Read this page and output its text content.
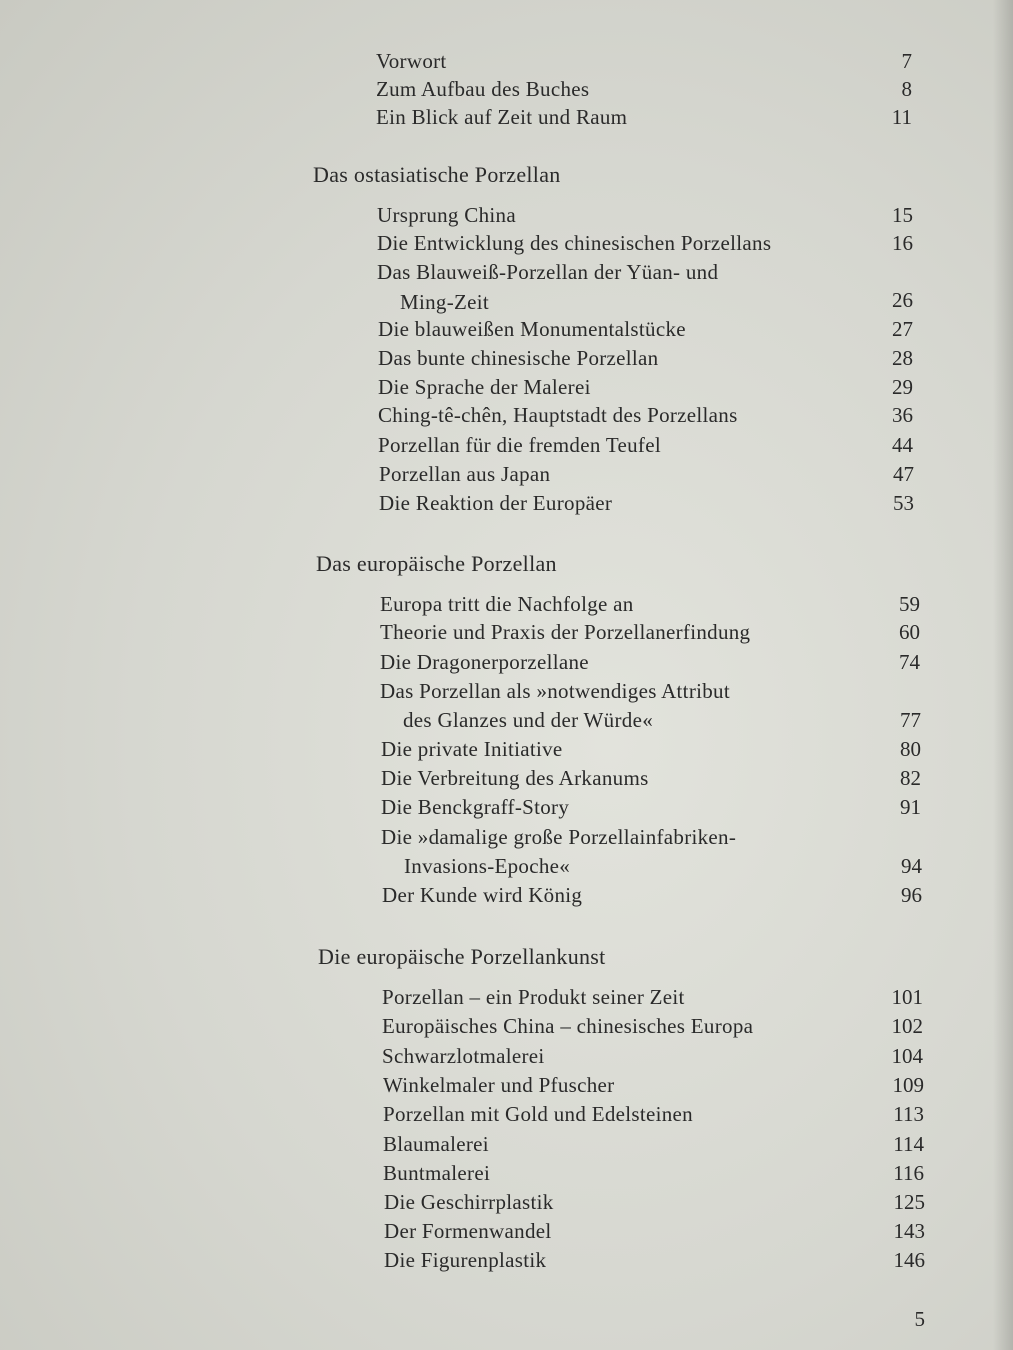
Vorwort	7
Zum Aufbau des Buches	8
Ein Blick auf Zeit und Raum	11
Das ostasiatische Porzellan
Ursprung China	15
Die Entwicklung des chinesischen Porzellans	16
Das Blauweiß-Porzellan der Yüan- und
Ming-Zeit	26
Die blauweißen Monumentalstücke	27
Das bunte chinesische Porzellan	28
Die Sprache der Malerei	29
Ching-tê-chên, Hauptstadt des Porzellans	36
Porzellan für die fremden Teufel	44
Porzellan aus Japan	47
Die Reaktion der Europäer	53
Das europäische Porzellan
Europa tritt die Nachfolge an	59
Theorie und Praxis der Porzellanerfindung	60
Die Dragonerporzellane	74
Das Porzellan als »notwendiges Attribut
des Glanzes und der Würde«	77
Die private Initiative	80
Die Verbreitung des Arkanums	82
Die Benckgraff-Story	91
Die »damalige große Porzellainfabriken-
Invasions-Epoche«	94
Der Kunde wird König	96
Die europäische Porzellankunst
Porzellan – ein Produkt seiner Zeit	101
Europäisches China – chinesisches Europa	102
Schwarzlotmalerei	104
Winkelmaler und Pfuscher	109
Porzellan mit Gold und Edelsteinen	113
Blaumalerei	114
Buntmalerei	116
Die Geschirrplastik	125
Der Formenwandel	143
Die Figurenplastik	146
5
